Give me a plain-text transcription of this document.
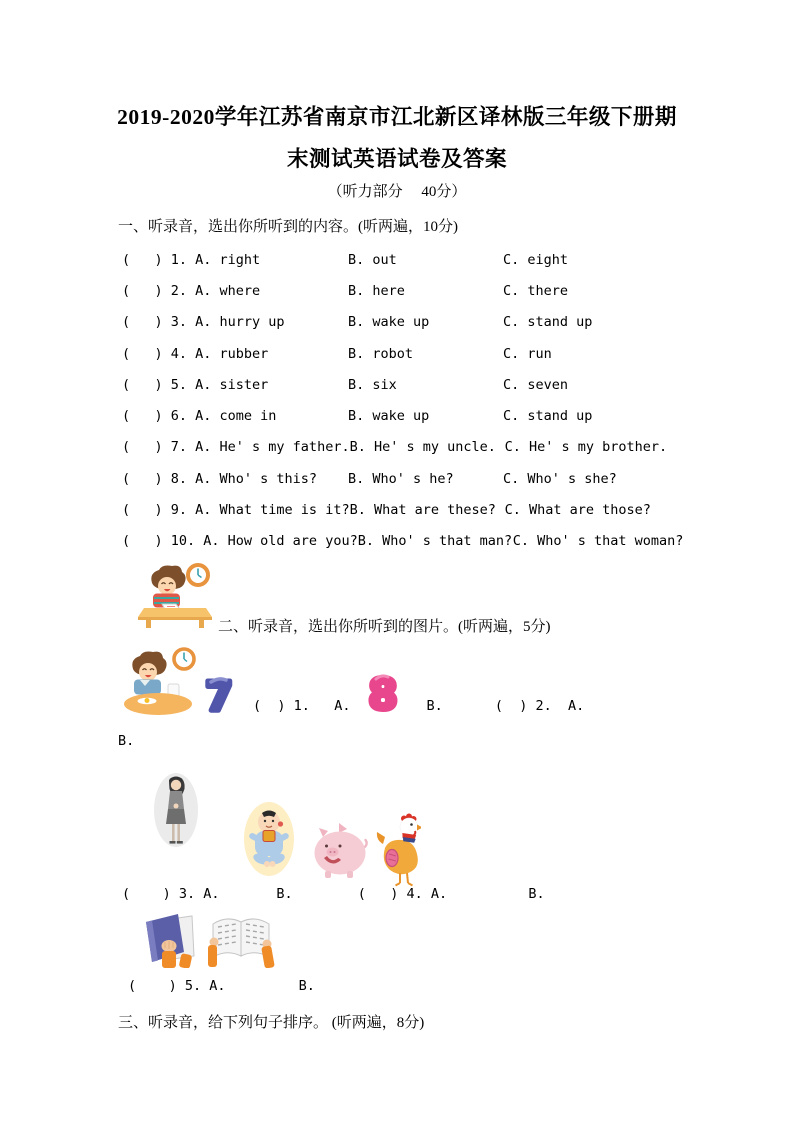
2019-2020学年江苏省南京市江北新区译林版三年级下册期
末测试英语试卷及答案
（听力部分     40分）
一、听录音，选出你所听到的内容。(听两遍，10分)
(   ) 1. A. right	B. out	C. eight
(   ) 2. A. where	B. here	C. there
(   ) 3. A. hurry up	B. wake up	C. stand up
(   ) 4. A. rubber	B. robot	C. run
(   ) 5. A. sister	B. six	C. seven
(   ) 6. A. come in	B. wake up	C. stand up
(   ) 7. A. He' s my father. B. He' s my uncle. C. He' s my brother.
(   ) 8. A. Who' s this?	B. Who' s he?	C. Who' s she?
(   ) 9. A. What time is it? B. What are these? C. What are those?
(   ) 10. A. How old are you? B. Who' s that man? C. Who' s that woman?
二、听录音，选出你所听到的图片。(听两遍，5分)
7 (  ) 1.   A. 8 B.	(  ) 2.  A.
B.
(    ) 3. A.       B.        (   ) 4. A.          B.
(    ) 5. A.         B.
三、听录音，给下列句子排序。 (听两遍，8分)
